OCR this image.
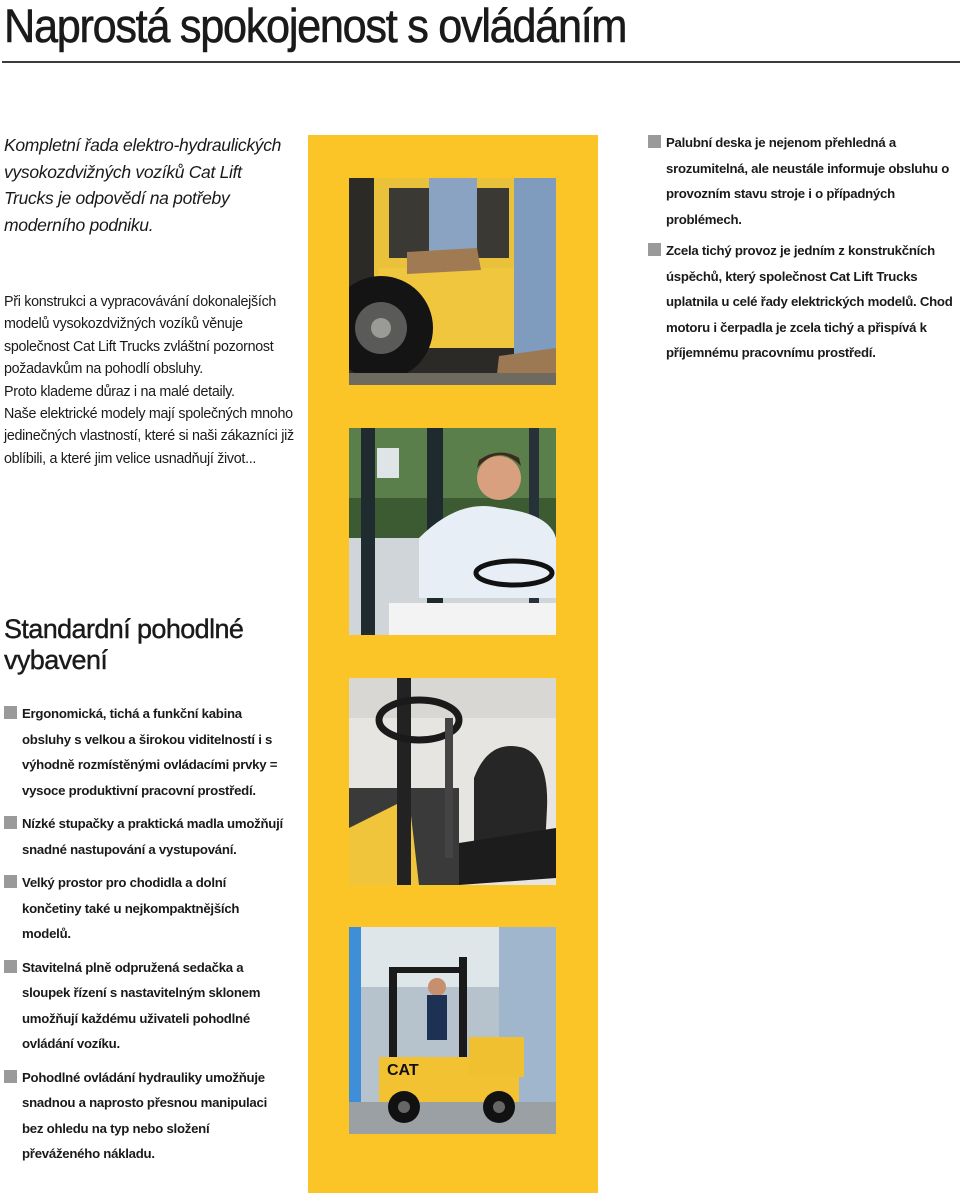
Naprostá spokojenost s ovládáním

Kompletní řada elektro-hydraulických vysokozdvižných vozíků Cat Lift Trucks je odpovědí na potřeby moderního podniku.

Při konstrukci a vypracovávání dokonalejších modelů vysokozdvižných vozíků věnuje společnost Cat Lift Trucks zvláštní pozornost požadavkům na pohodlí obsluhy.

Proto klademe důraz i na malé detaily.

Naše elektrické modely mají společných mnoho jedinečných vlastností, které si naši zákazníci již oblíbili, a které jim velice usnadňují život...

Standardní pohodlné vybavení
Ergonomická, tichá a funkční kabina obsluhy s velkou a širokou viditelností i s výhodně rozmístěnými ovládacími prvky = vysoce produktivní pracovní prostředí.
Nízké stupačky a praktická madla umožňují snadné nastupování a vystupování.
Velký prostor pro chodidla a dolní končetiny také u nejkompaktnějších modelů.
Stavitelná plně odpružená sedačka a sloupek řízení s nastavitelným sklonem umožňují každému uživateli pohodlné ovládání vozíku.
Pohodlné ovládání hydrauliky umožňuje snadnou a naprosto přesnou manipulaci bez ohledu na typ nebo složení převáženého nákladu.
Palubní deska je nejenom přehledná a srozumitelná, ale neustále informuje obsluhu o provozním stavu stroje i o případných problémech.
Zcela tichý provoz je jedním z konstrukčních úspěchů, který společnost Cat Lift Trucks uplatnila u celé řady elektrických modelů. Chod motoru i čerpadla je zcela tichý a přispívá k příjemnému pracovnímu prostředí.
CAT
